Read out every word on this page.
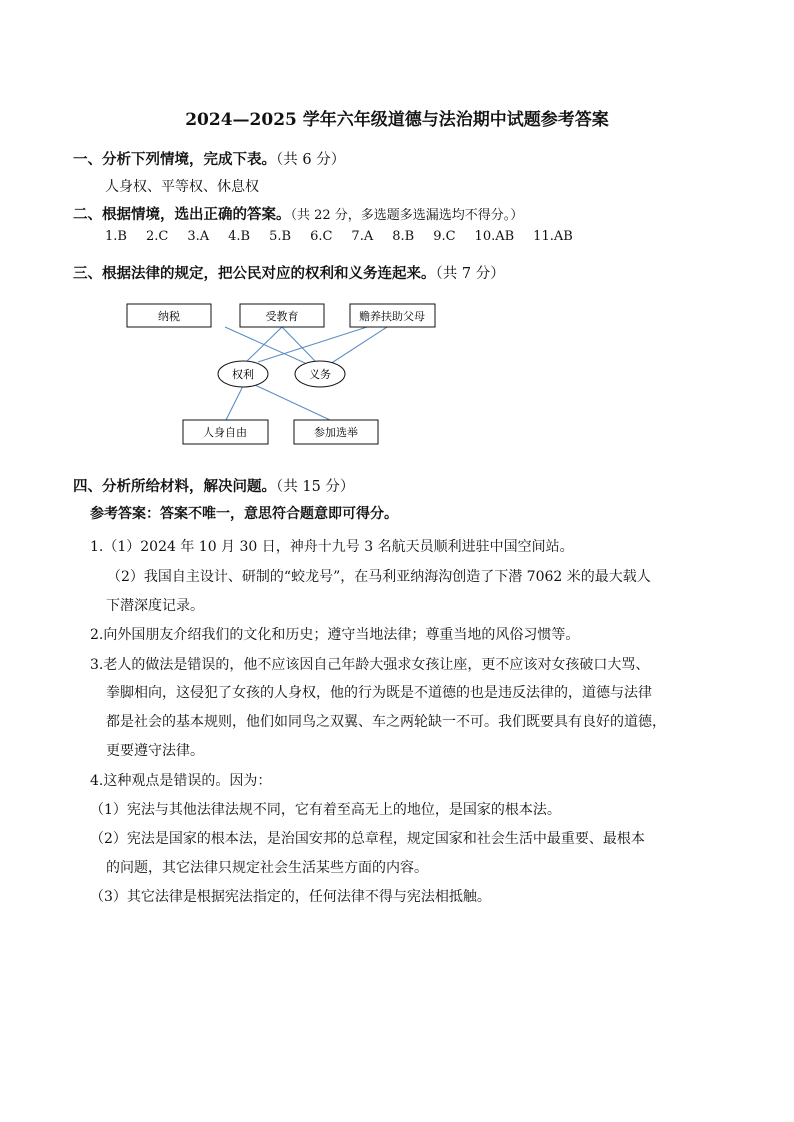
2024—2025 学年六年级道德与法治期中试题参考答案
一、分析下列情境，完成下表。（共 6 分）
人身权、平等权、休息权
二、根据情境，选出正确的答案。（共 22 分，多选题多选漏选均不得分。）
1.B 2.C 3.A 4.B 5.B 6.C 7.A 8.B 9.C 10.AB 11.AB
三、根据法律的规定，把公民对应的权利和义务连起来。（共 7 分）
纳税	受教育	赡养扶助父母
权利	义务
人身自由	参加选举
四、分析所给材料，解决问题。（共 15 分）
参考答案：答案不唯一，意思符合题意即可得分。
1.（1）2024 年 10 月 30 日，神舟十九号 3 名航天员顺利进驻中国空间站。
（2）我国自主设计、研制的“蛟龙号”，在马利亚纳海沟创造了下潜 7062 米的最大载人
下潜深度记录。
2.向外国朋友介绍我们的文化和历史；遵守当地法律；尊重当地的风俗习惯等。
3.老人的做法是错误的，他不应该因自己年龄大强求女孩让座，更不应该对女孩破口大骂、
拳脚相向，这侵犯了女孩的人身权，他的行为既是不道德的也是违反法律的，道德与法律
都是社会的基本规则，他们如同鸟之双翼、车之两轮缺一不可。我们既要具有良好的道德，
更要遵守法律。
4.这种观点是错误的。因为：
（1）宪法与其他法律法规不同，它有着至高无上的地位，是国家的根本法。
（2）宪法是国家的根本法，是治国安邦的总章程，规定国家和社会生活中最重要、最根本
的问题，其它法律只规定社会生活某些方面的内容。
（3）其它法律是根据宪法指定的，任何法律不得与宪法相抵触。
